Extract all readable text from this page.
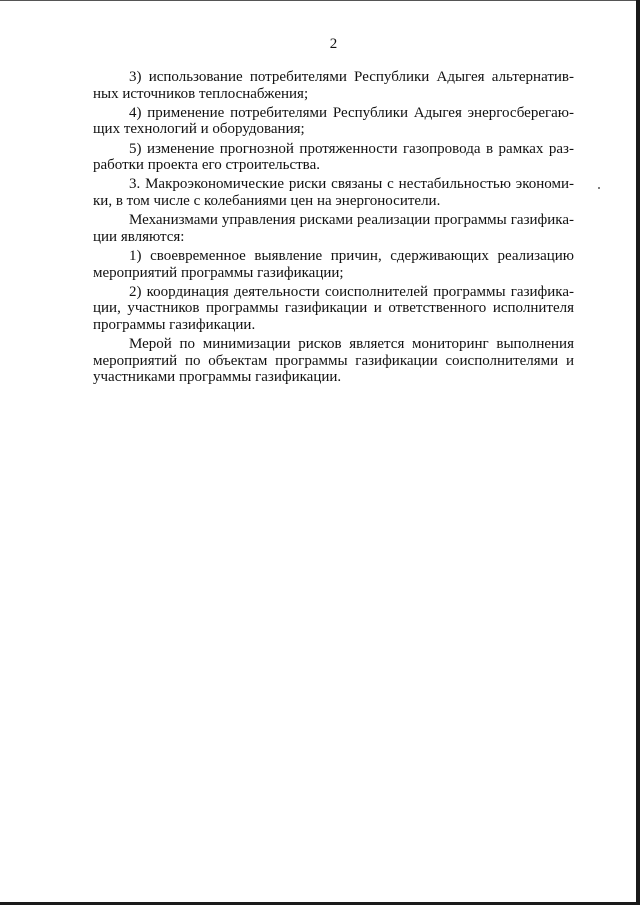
2

3) использование потребителями Республики Адыгея альтернативных источников теплоснабжения;

4) применение потребителями Республики Адыгея энергосберегающих технологий и оборудования;

5) изменение прогнозной протяженности газопровода в рамках разработки проекта его строительства.

3. Макроэкономические риски связаны с нестабильностью экономики, в том числе с колебаниями цен на энергоносители.

Механизмами управления рисками реализации программы газификации являются:

1) своевременное выявление причин, сдерживающих реализацию мероприятий программы газификации;

2) координация деятельности соисполнителей программы газификации, участников программы газификации и ответственного исполнителя программы газификации.

Мерой по минимизации рисков является мониторинг выполнения мероприятий по объектам программы газификации соисполнителями и участниками программы газификации.
